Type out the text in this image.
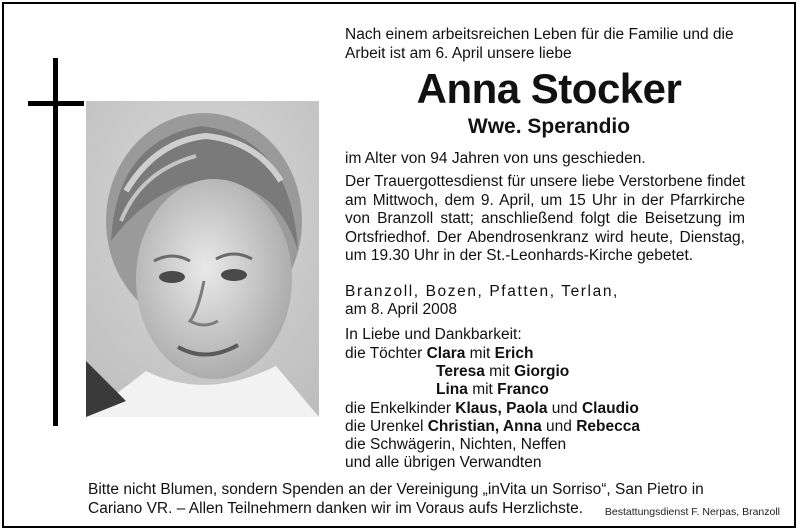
Nach einem arbeitsreichen Leben für die Familie und die
Arbeit ist am 6. April unsere liebe
Anna Stocker
Wwe. Sperandio
im Alter von 94 Jahren von uns geschieden.
Der Trauergottesdienst für unsere liebe Verstorbene findet am Mittwoch, dem 9. April, um 15 Uhr in der Pfarrkirche von Branzoll statt; anschließend folgt die Beisetzung im Ortsfriedhof. Der Abendrosenkranz wird heute, Dienstag, um 19.30 Uhr in der St.-Leonhards-Kirche gebetet.
Branzoll, Bozen, Pfatten, Terlan,
am 8. April 2008
In Liebe und Dankbarkeit:
die Töchter Clara mit Erich
Teresa mit Giorgio
Lina mit Franco
die Enkelkinder Klaus, Paola und Claudio
die Urenkel Christian, Anna und Rebecca
die Schwägerin, Nichten, Neffen
und alle übrigen Verwandten
Bitte nicht Blumen, sondern Spenden an der Vereinigung „inVita un Sorriso“, San Pietro in
Cariano VR. – Allen Teilnehmern danken wir im Voraus aufs Herzlichste.	Bestattungsdienst F. Nerpas, Branzoll
